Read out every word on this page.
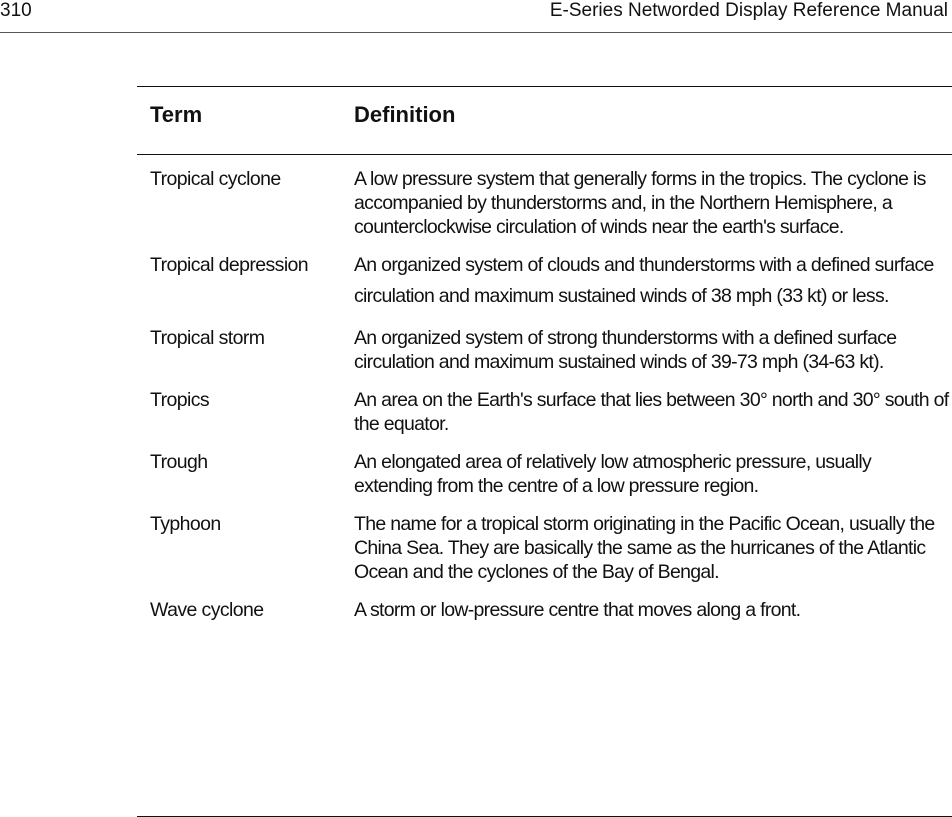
310	E-Series Networded Display Reference Manual
Term	Definition
Tropical cyclone	A low pressure system that generally forms in the tropics. The cyclone is accompanied by thunderstorms and, in the Northern Hemisphere, a counterclockwise circulation of winds near the earth's surface.
Tropical depression	An organized system of clouds and thunderstorms with a defined surface circulation and maximum sustained winds of 38 mph (33 kt) or less.
Tropical storm	An organized system of strong thunderstorms with a defined surface circulation and maximum sustained winds of 39-73 mph (34-63 kt).
Tropics	An area on the Earth's surface that lies between 30° north and 30° south of the equator.
Trough	An elongated area of relatively low atmospheric pressure, usually extending from the centre of a low pressure region.
Typhoon	The name for a tropical storm originating in the Pacific Ocean, usually the China Sea. They are basically the same as the hurricanes of the Atlantic Ocean and the cyclones of the Bay of Bengal.
Wave cyclone	A storm or low-pressure centre that moves along a front.
